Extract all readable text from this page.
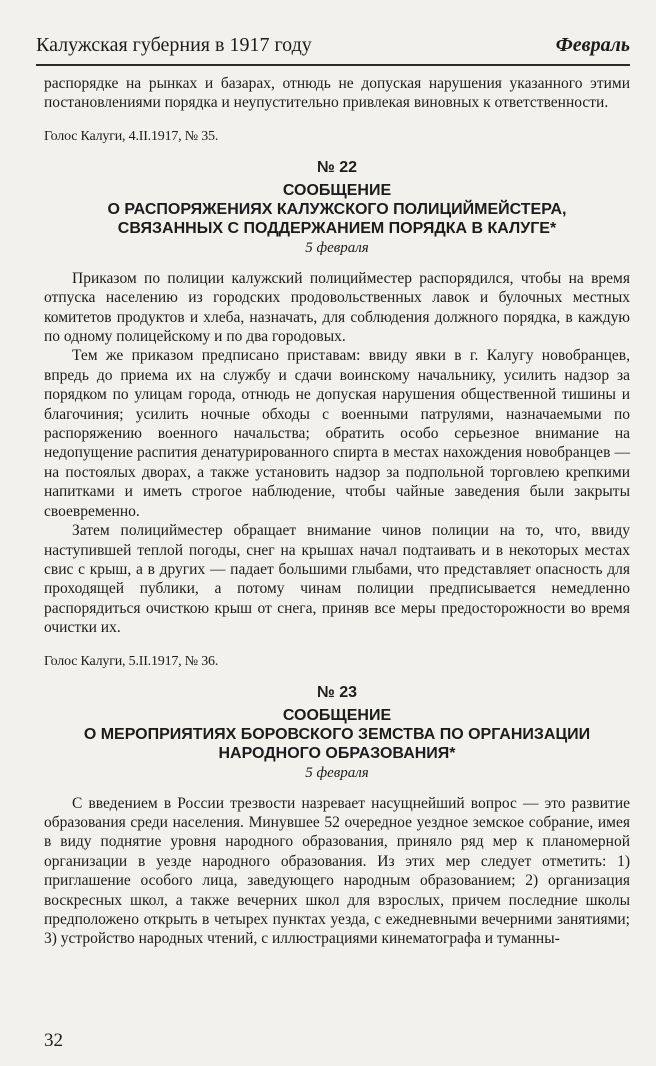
Калужская губерния в 1917 году	Февраль

распорядке на рынках и базарах, отнюдь не допуская нарушения указанного этими постановлениями порядка и неупустительно привлекая виновных к ответственности.

Голос Калуги, 4.II.1917, № 35.
№ 22
СООБЩЕНИЕ
О РАСПОРЯЖЕНИЯХ КАЛУЖСКОГО ПОЛИЦИЙМЕЙСТЕРА,
СВЯЗАННЫХ С ПОДДЕРЖАНИЕМ ПОРЯДКА В КАЛУГЕ*
5 февраля

Приказом по полиции калужский полицийместер распорядился, чтобы на время отпуска населению из городских продовольственных лавок и булочных местных комитетов продуктов и хлеба, назначать, для соблюдения должного порядка, в каждую по одному полицейскому и по два городовых.

Тем же приказом предписано приставам: ввиду явки в г. Калугу новобранцев, впредь до приема их на службу и сдачи воинскому начальнику, усилить надзор за порядком по улицам города, отнюдь не допуская нарушения общественной тишины и благочиния; усилить ночные обходы с военными патрулями, назначаемыми по распоряжению военного начальства; обратить особо серьезное внимание на недопущение распития денатурированного спирта в местах нахождения новобранцев — на постоялых дворах, а также установить надзор за подпольной торговлею крепкими напитками и иметь строгое наблюдение, чтобы чайные заведения были закрыты своевременно.

Затем полицийместер обращает внимание чинов полиции на то, что, ввиду наступившей теплой погоды, снег на крышах начал подтаивать и в некоторых местах свис с крыш, а в других — падает большими глыбами, что представляет опасность для проходящей публики, а потому чинам полиции предписывается немедленно распорядиться очисткою крыш от снега, приняв все меры предосторожности во время очистки их.

Голос Калуги, 5.II.1917, № 36.
№ 23
СООБЩЕНИЕ
О МЕРОПРИЯТИЯХ БОРОВСКОГО ЗЕМСТВА ПО ОРГАНИЗАЦИИ
НАРОДНОГО ОБРАЗОВАНИЯ*
5 февраля

С введением в России трезвости назревает насущнейший вопрос — это развитие образования среди населения. Минувшее 52 очередное уездное земское собрание, имея в виду поднятие уровня народного образования, приняло ряд мер к планомерной организации в уезде народного образования. Из этих мер следует отметить: 1) приглашение особого лица, заведующего народным образованием; 2) организация воскресных школ, а также вечерних школ для взрослых, причем последние школы предположено открыть в четырех пунктах уезда, с ежедневными вечерними занятиями; 3) устройство народных чтений, с иллюстрациями кинематографа и туманны-

32
